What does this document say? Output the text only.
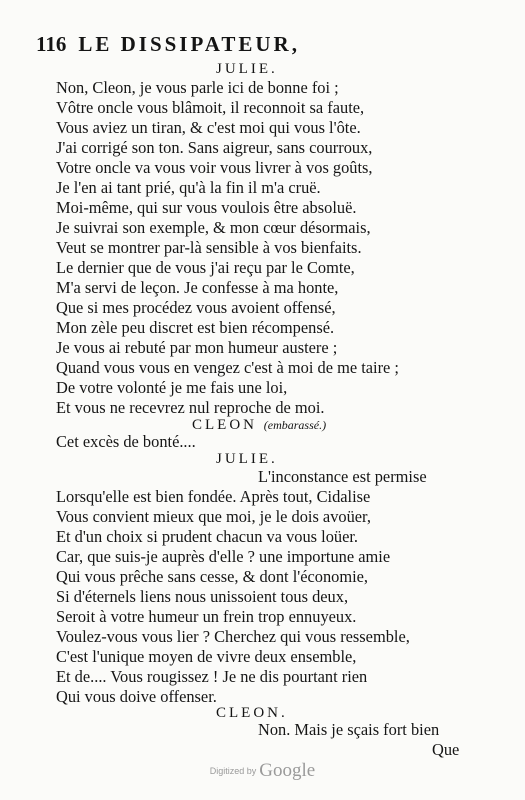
116 LE DISSIPATEUR,
JULIE.
Non, Cleon, je vous parle ici de bonne foi ;
Vôtre oncle vous blâmoit, il reconnoit sa faute,
Vous aviez un tiran, & c'est moi qui vous l'ôte.
J'ai corrigé son ton. Sans aigreur, sans courroux,
Votre oncle va vous voir vous livrer à vos goûts,
Je l'en ai tant prié, qu'à la fin il m'a cruë.
Moi-même, qui sur vous voulois être absoluë.
Je suivrai son exemple, & mon cœur désormais,
Veut se montrer par-là sensible à vos bienfaits.
Le dernier que de vous j'ai reçu par le Comte,
M'a servi de leçon. Je confesse à ma honte,
Que si mes procédez vous avoient offensé,
Mon zèle peu discret est bien récompensé.
Je vous ai rebuté par mon humeur austere ;
Quand vous vous en vengez c'est à moi de me taire ;
De votre volonté je me fais une loi,
Et vous ne recevrez nul reproche de moi.
CLEON (embarassé.)
Cet excès de bonté....
JULIE.
L'inconstance est permise
Lorsqu'elle est bien fondée. Après tout, Cidalise
Vous convient mieux que moi, je le dois avoüer,
Et d'un choix si prudent chacun va vous loüer.
Car, que suis-je auprès d'elle ? une importune amie
Qui vous prêche sans cesse, & dont l'économie,
Si d'éternels liens nous unissoient tous deux,
Seroit à votre humeur un frein trop ennuyeux.
Voulez-vous vous lier ? Cherchez qui vous ressemble,
C'est l'unique moyen de vivre deux ensemble,
Et de.... Vous rougissez ! Je ne dis pourtant rien
Qui vous doive offenser.
CLEON.
Non. Mais je sçais fort bien
Que
Digitized by Google
